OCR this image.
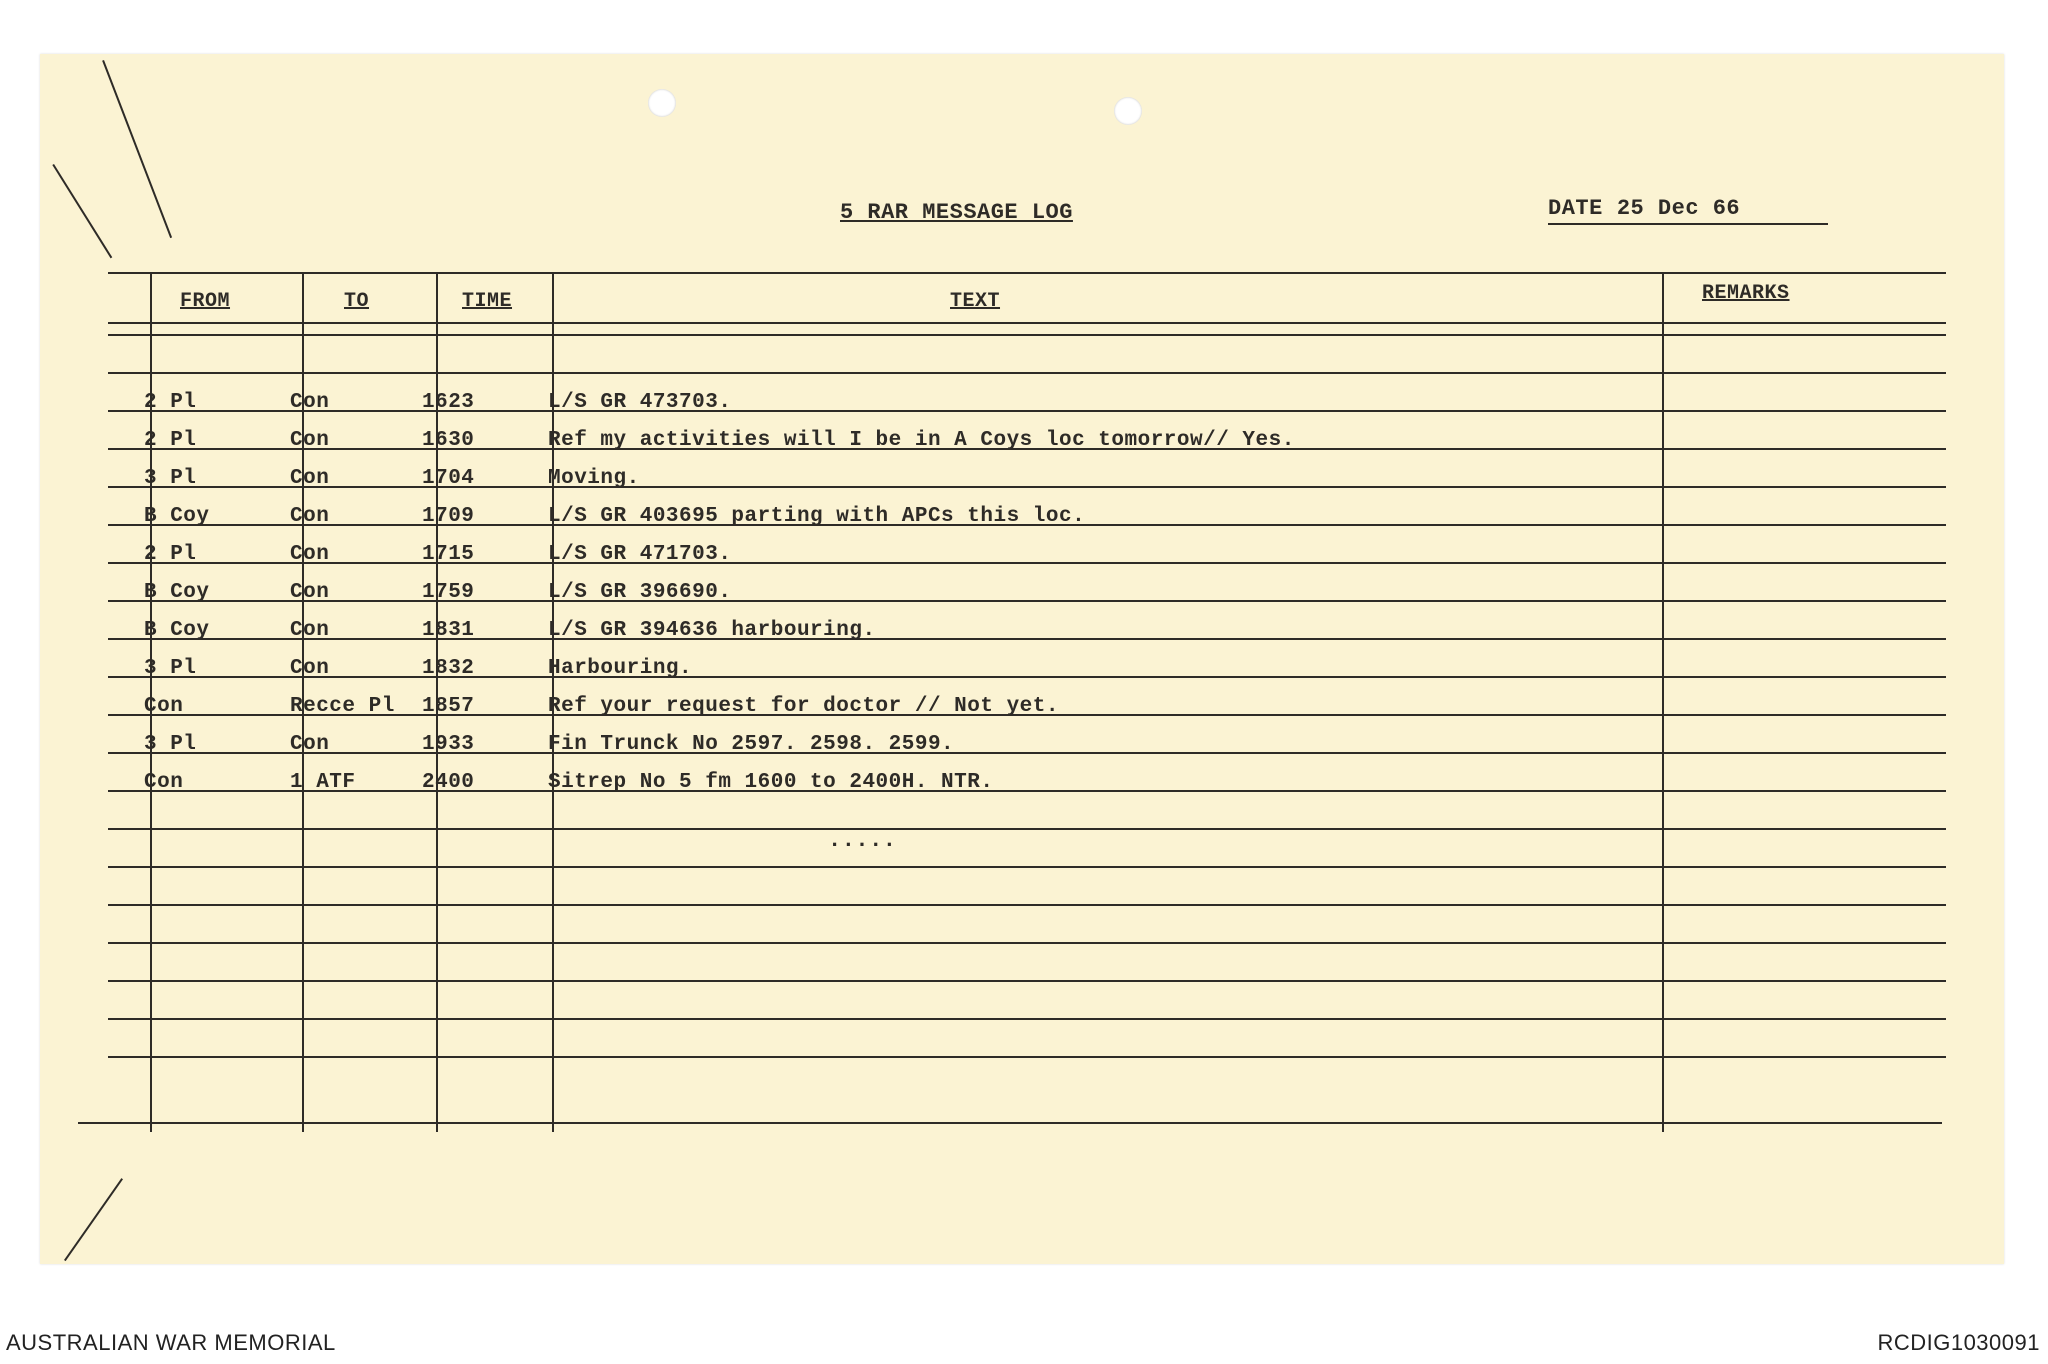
5 RAR MESSAGE LOG	DATE 25 Dec 66
FROM	TO	TIME	TEXT	REMARKS
2 Pl	Con	1623	L/S GR 473703.
2 Pl	Con	1630	Ref my activities will I be in A Coys loc tomorrow// Yes.
3 Pl	Con	1704	Moving.
B Coy	Con	1709	L/S GR 403695 parting with APCs this loc.
2 Pl	Con	1715	L/S GR 471703.
B Coy	Con	1759	L/S GR 396690.
B Coy	Con	1831	L/S GR 394636 harbouring.
3 Pl	Con	1832	Harbouring.
Con	Recce Pl 1857	Ref your request for doctor // Not yet.
3 Pl	Con	1933	Fin Trunck No 2597. 2598. 2599.
Con	1 ATF	2400	Sitrep No 5 fm 1600 to 2400H. NTR.
.....
AUSTRALIAN WAR MEMORIAL	RCDIG1030091
